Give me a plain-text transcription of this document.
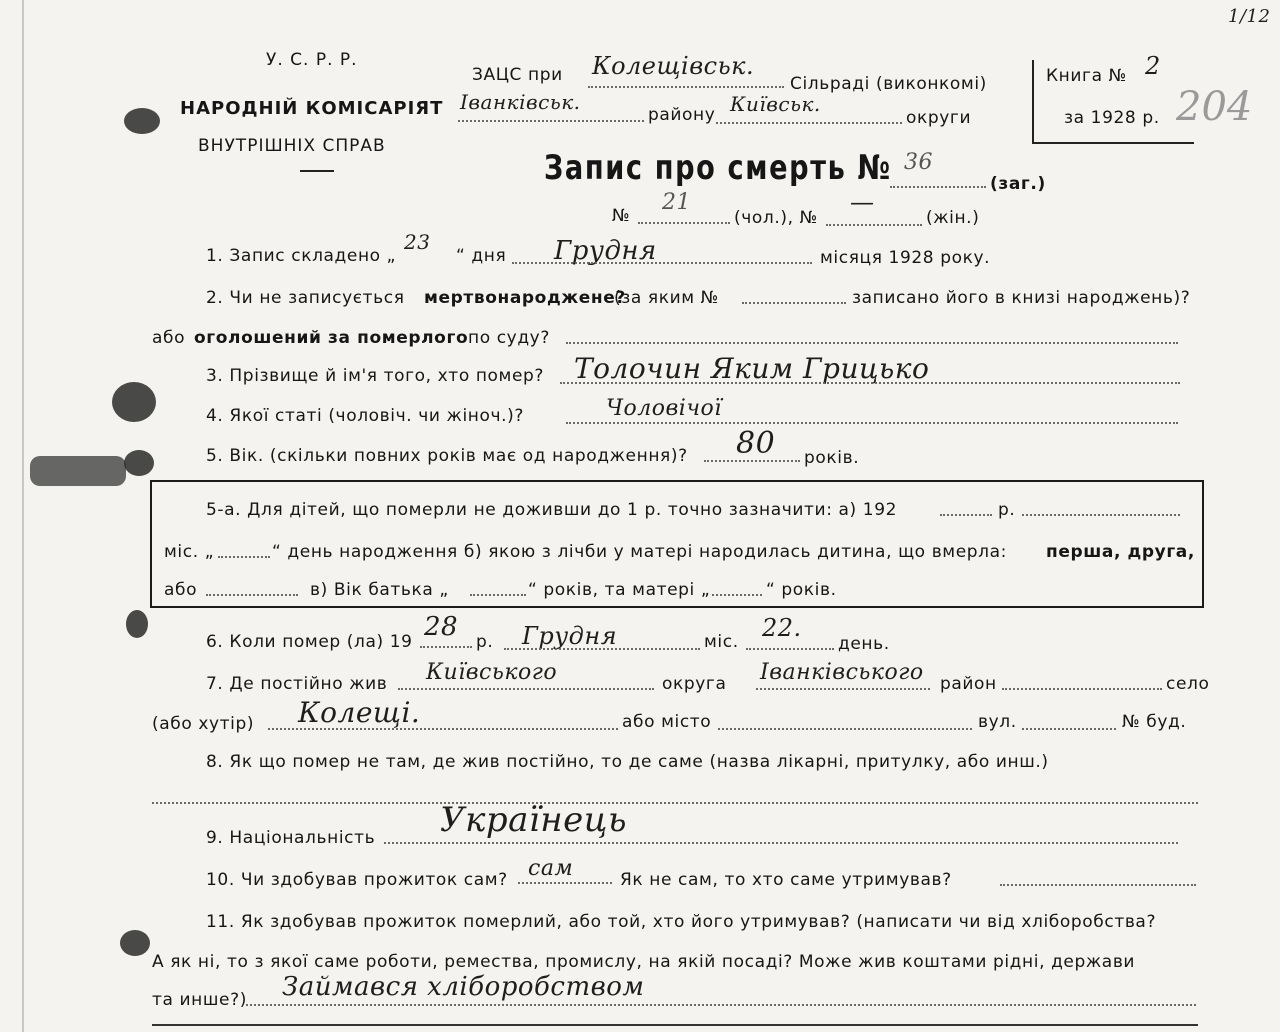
У. С. Р. Р.
НАРОДНІЙ КОМІСАРІЯТ
ВНУТРІШНІХ СПРАВ
ЗАЦС при Колещівськ.
Сільраді (виконкомі)
Іванківськ.
району Київськ.
округи
Книга № 2
за 1928 р.
1/12
204
Запис про смерть № 36
(заг.)
№
21
(чол.), №
—
(жін.)
1. Запис складено „
23
“ дня Грудня	місяця 1928 року.
2. Чи не записується мертвонароджене?
(за яким №	записано його в книзі народжень)?
або оголошений за померлого по суду?
3. Прізвище й ім'я того, хто помер? Толочин Яким Грицько
4. Якої статі (чоловіч. чи жіноч.)?	Чоловічої
5. Вік. (скільки повних років має од народження)? 80 років.
5-а. Для дітей, що померли не доживши до 1 р. точно зазначити: а) 192	р.
міс. „	“ день народження б) якою з лічби у матері народилась дитина, що вмерла: перша, друга,
або	в) Вік батька „	“ років, та матері „	“ років.
6. Коли помер (ла) 19 28 р. Грудня	міс. 22.
день.
7. Де постійно жив Київського	округа Іванківського район	село
(або хутір) Колещі.	або місто	вул.	№ буд.
8. Як що помер не там, де жив постійно, то де саме (назва лікарні, притулку, або инш.)
9. Національність Українець
10. Чи здобував прожиток сам? сам	Як не сам, то хто саме утримував?
11. Як здобував прожиток померлий, або той, хто його утримував? (написати чи від хліборобства?
А як ні, то з якої саме роботи, ремества, промислу, на якій посаді? Може жив коштами рідні, держави
та инше?) Займався хліборобством
